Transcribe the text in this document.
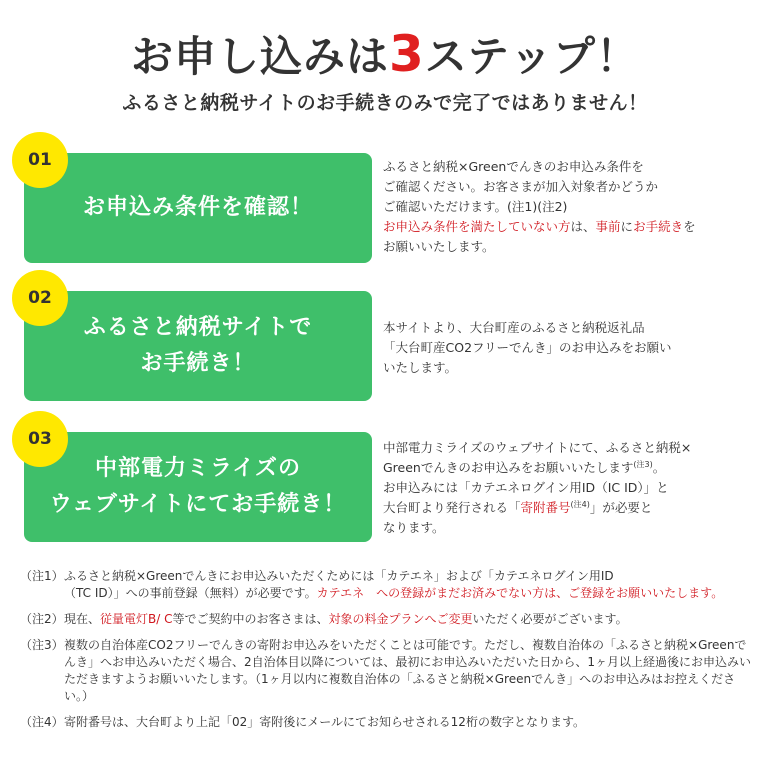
お申し込みは3ステップ！
ふるさと納税サイトのお手続きのみで完了ではありません！
お申込み条件を確認！
01	ふるさと納税×Greenでんきのお申込み条件を
ご確認ください。お客さまが加入対象者かどうか
ご確認いただけます。(注1)(注2)
お申込み条件を満たしていない方は、事前にお手続きを
お願いいたします。
ふるさと納税サイトで
お手続き！
02
本サイトより、大台町産のふるさと納税返礼品
「大台町産CO2フリーでんき」のお申込みをお願い
いたします。
中部電力ミライズの
ウェブサイトにてお手続き！
03	中部電力ミライズのウェブサイトにて、ふるさと納税×
Greenでんきのお申込みをお願いいたします$^{(注3)}$。
お申込みには「カテエネログイン用ID（IC ID）」と
大台町より発行される「寄附番号$^{(注4)}$」が必要と
なります。
（注1） ふるさと納税×Greenでんきにお申込みいただくためには「カテエネ」および「カテエネログイン用ID
（TC ID）」への事前登録（無料）が必要です。カテエネ　への登録がまだお済みでない方は、ご登録をお願いいたします。
（注2） 現在、従量電灯B/ C等でご契約中のお客さまは、対象の料金プランへご変更いただく必要がございます。
（注3） 複数の自治体産CO2フリーでんきの寄附お申込みをいただくことは可能です。ただし、複数自治体の「ふるさと納税×Greenでんき」へお申込みいただく場合、2自治体目以降については、最初にお申込みいただいた日から、1ヶ月以上経過後にお申込みいただきますようお願いいたします。（1ヶ月以内に複数自治体の「ふるさと納税×Greenでんき」へのお申込みはお控えください。）
（注4） 寄附番号は、大台町より上記「02」寄附後にメールにてお知らせされる12桁の数字となります。
